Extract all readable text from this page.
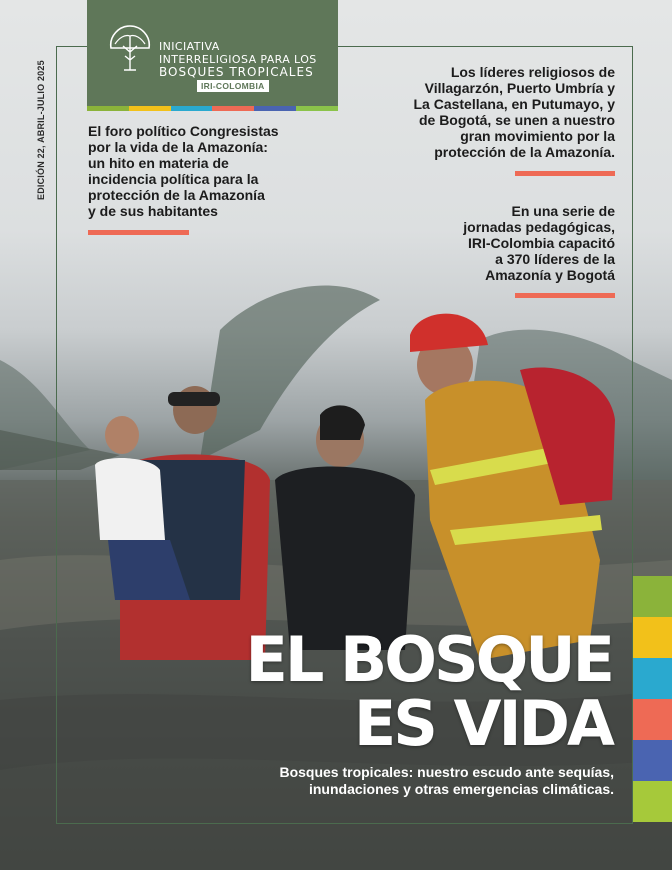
INICIATIVA
INTERRELIGIOSA PARA LOS
BOSQUES TROPICALES
IRI-COLOMBIA
EDICIÓN 22, ABRIL-JULIO 2025	El foro político Congresistas

por la vida de la Amazonía:

un hito en materia de

incidencia política para la

protección de la Amazonía

y de sus habitantes

Los líderes religiosos de

Villagarzón, Puerto Umbría y

La Castellana, en Putumayo, y

de Bogotá, se unen a nuestro

gran movimiento por la

protección de la Amazonía.

En una serie de

jornadas pedagógicas,

IRI-Colombia capacitó

a 370 líderes de la

Amazonía y Bogotá

EL BOSQUE

ES VIDA

Bosques tropicales: nuestro escudo ante sequías,

inundaciones y otras emergencias climáticas.
